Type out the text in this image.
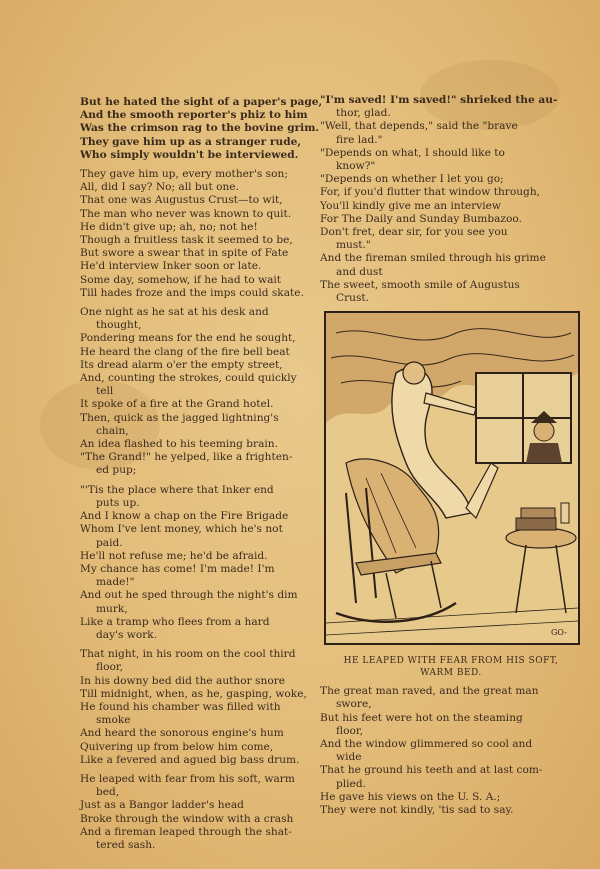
But he hated the sight of a paper's page,
And the smooth reporter's phiz to him
Was the crimson rag to the bovine grim.
They gave him up as a stranger rude,
Who simply wouldn't be interviewed.
They gave him up, every mother's son;
All, did I say? No; all but one.
That one was Augustus Crust—to wit,
The man who never was known to quit.
He didn't give up; ah, no; not he!
Though a fruitless task it seemed to be,
But swore a swear that in spite of Fate
He'd interview Inker soon or late.
Some day, somehow, if he had to wait
Till hades froze and the imps could skate.
One night as he sat at his desk and
thought,
Pondering means for the end he sought,
He heard the clang of the fire bell beat
Its dread alarm o'er the empty street,
And, counting the strokes, could quickly
tell
It spoke of a fire at the Grand hotel.
Then, quick as the jagged lightning's
chain,
An idea flashed to his teeming brain.
"The Grand!" he yelped, like a frighten-
ed pup;
"'Tis the place where that Inker end
puts up.
And I know a chap on the Fire Brigade
Whom I've lent money, which he's not
paid.
He'll not refuse me; he'd be afraid.
My chance has come! I'm made! I'm
made!"
And out he sped through the night's dim
murk,
Like a tramp who flees from a hard
day's work.
That night, in his room on the cool third
floor,
In his downy bed did the author snore
Till midnight, when, as he, gasping, woke,
He found his chamber was filled with
smoke
And heard the sonorous engine's hum
Quivering up from below him come,
Like a fevered and agued big bass drum.
He leaped with fear from his soft, warm
bed,
Just as a Bangor ladder's head
Broke through the window with a crash
And a fireman leaped through the shat-
tered sash.
"I'm saved! I'm saved!" shrieked the au-
thor, glad.
"Well, that depends," said the "brave
fire lad."
"Depends on what, I should like to
know?"
"Depends on whether I let you go;
For, if you'd flutter that window through,
You'll kindly give me an interview
For The Daily and Sunday Bumbazoo.
Don't fret, dear sir, for you see you
must."
And the fireman smiled through his grime
and dust
The sweet, smooth smile of Augustus
Crust.
GO-
HE LEAPED WITH FEAR FROM HIS SOFT,
WARM BED.
The great man raved, and the great man
swore,
But his feet were hot on the steaming
floor,
And the window glimmered so cool and
wide
That he ground his teeth and at last com-
plied.
He gave his views on the U. S. A.;
They were not kindly, 'tis sad to say.
